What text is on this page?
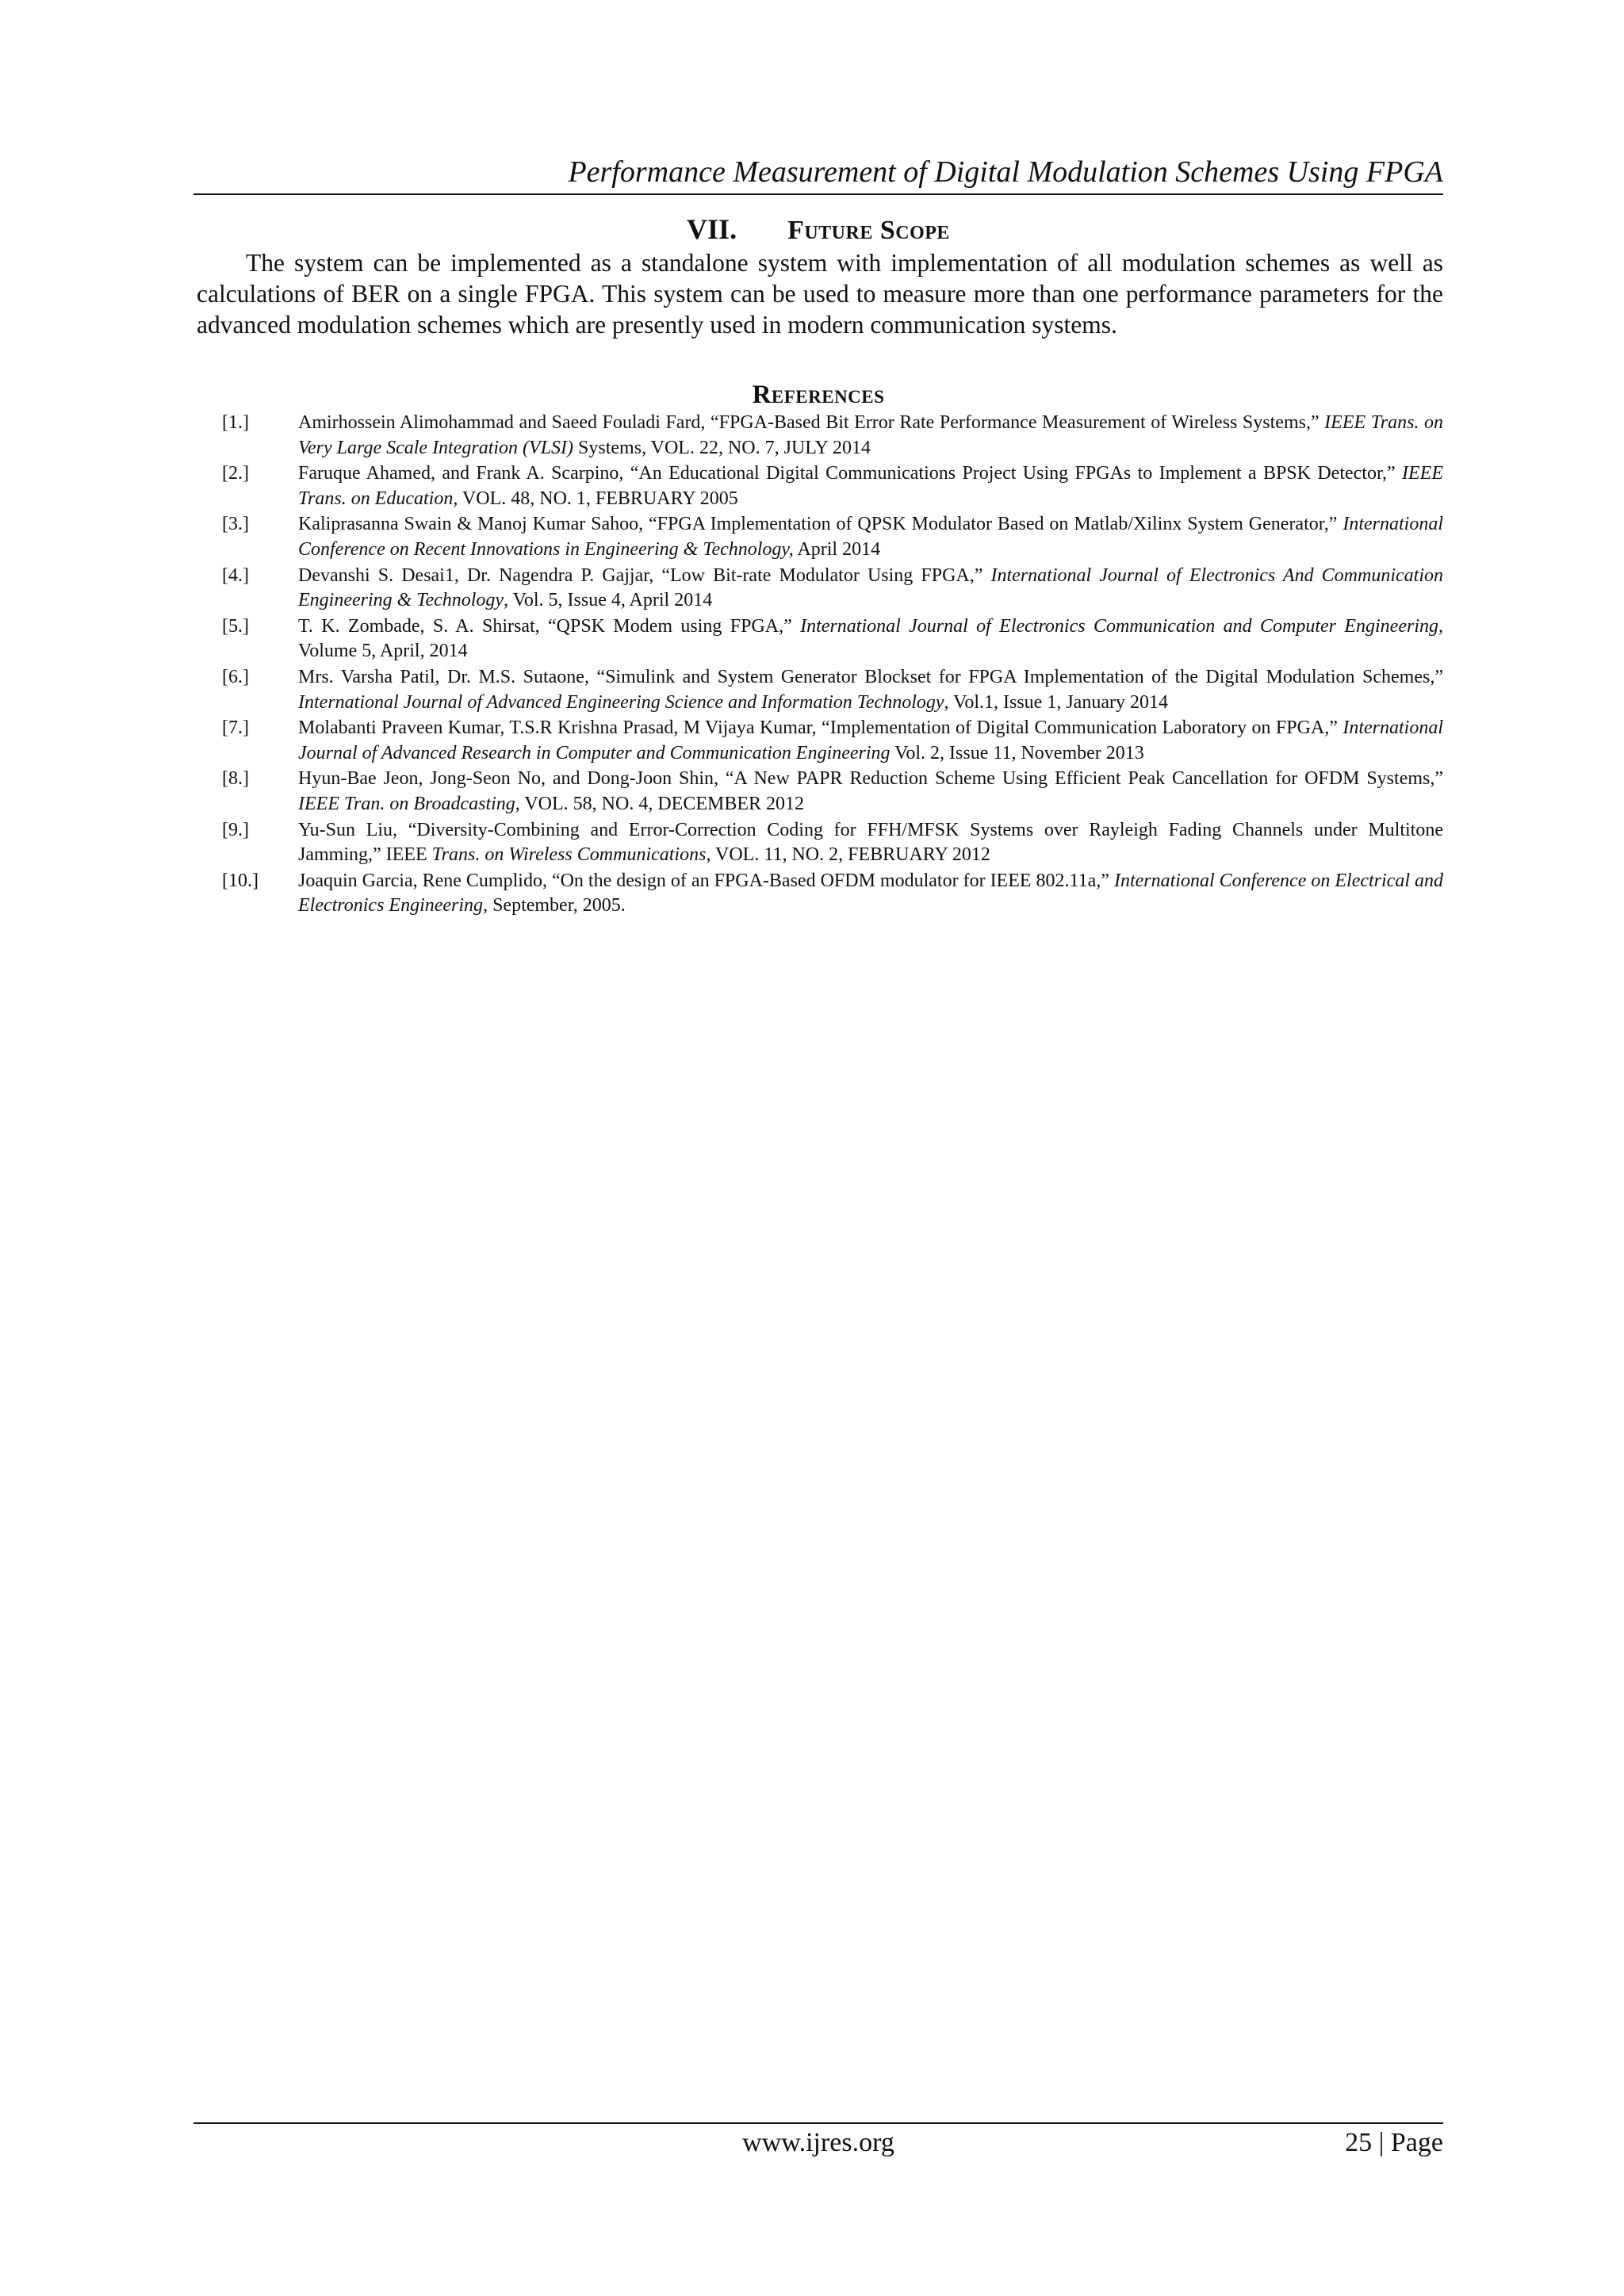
Performance Measurement of Digital Modulation Schemes Using FPGA
VII. Future Scope

The system can be implemented as a standalone system with implementation of all modulation schemes as well as calculations of BER on a single FPGA. This system can be used to measure more than one performance parameters for the advanced modulation schemes which are presently used in modern communication systems.

References
[1.]	Amirhossein Alimohammad and Saeed Fouladi Fard, “FPGA-Based Bit Error Rate Performance Measurement of Wireless Systems,” IEEE Trans. on Very Large Scale Integration (VLSI) Systems, VOL. 22, NO. 7, JULY 2014
[2.]	Faruque Ahamed, and Frank A. Scarpino, “An Educational Digital Communications Project Using FPGAs to Implement a BPSK Detector,” IEEE Trans. on Education, VOL. 48, NO. 1, FEBRUARY 2005
[3.]	Kaliprasanna Swain & Manoj Kumar Sahoo, “FPGA Implementation of QPSK Modulator Based on Matlab/Xilinx System Generator,” International Conference on Recent Innovations in Engineering & Technology, April 2014
[4.]	Devanshi S. Desai1, Dr. Nagendra P. Gajjar, “Low Bit-rate Modulator Using FPGA,” International Journal of Electronics And Communication Engineering & Technology, Vol. 5, Issue 4, April 2014
[5.]	T. K. Zombade, S. A. Shirsat, “QPSK Modem using FPGA,” International Journal of Electronics Communication and Computer Engineering, Volume 5, April, 2014
[6.]	Mrs. Varsha Patil, Dr. M.S. Sutaone, “Simulink and System Generator Blockset for FPGA Implementation of the Digital Modulation Schemes,” International Journal of Advanced Engineering Science and Information Technology, Vol.1, Issue 1, January 2014
[7.]	Molabanti Praveen Kumar, T.S.R Krishna Prasad, M Vijaya Kumar, “Implementation of Digital Communication Laboratory on FPGA,” International Journal of Advanced Research in Computer and Communication Engineering Vol. 2, Issue 11, November 2013
[8.]	Hyun-Bae Jeon, Jong-Seon No, and Dong-Joon Shin, “A New PAPR Reduction Scheme Using Efficient Peak Cancellation for OFDM Systems,” IEEE Tran. on Broadcasting, VOL. 58, NO. 4, DECEMBER 2012
[9.]	Yu-Sun Liu, “Diversity-Combining and Error-Correction Coding for FFH/MFSK Systems over Rayleigh Fading Channels under Multitone Jamming,” IEEE Trans. on Wireless Communications, VOL. 11, NO. 2, FEBRUARY 2012
[10.]	Joaquin Garcia, Rene Cumplido, “On the design of an FPGA-Based OFDM modulator for IEEE 802.11a,” International Conference on Electrical and Electronics Engineering, September, 2005.
www.ijres.org	25 | Page
